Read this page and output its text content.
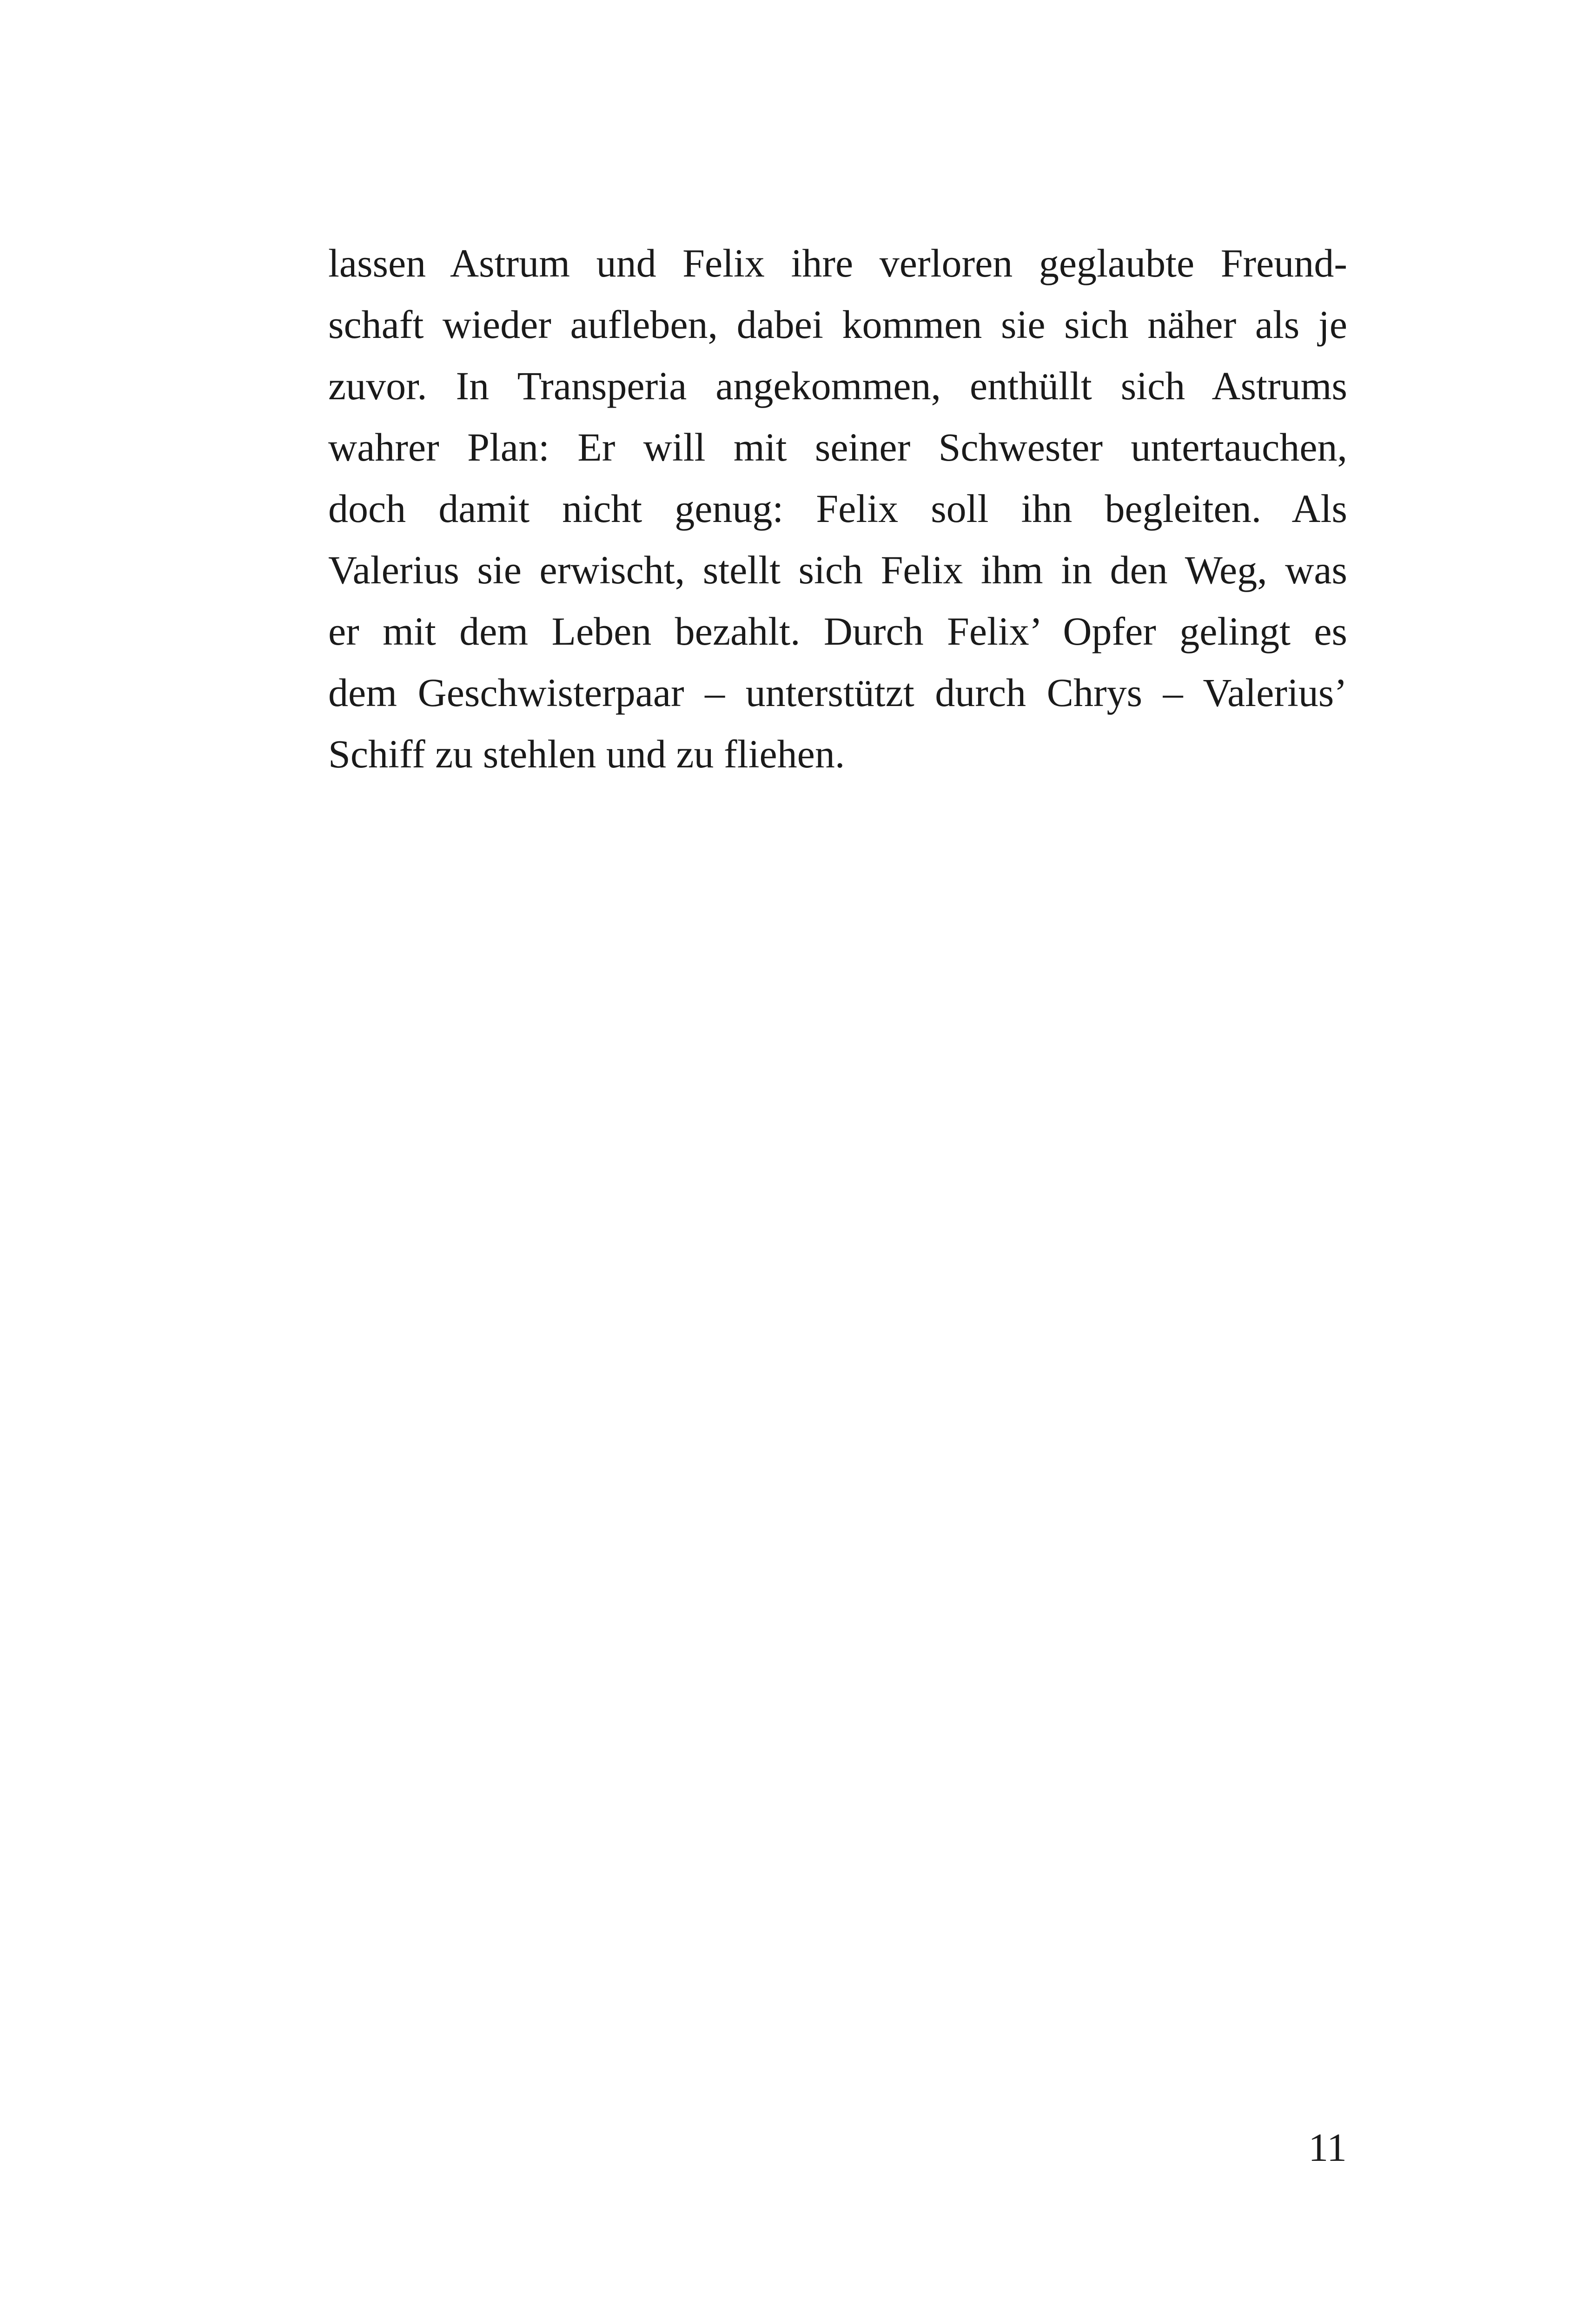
lassen Astrum und Felix ihre verloren geglaubte Freund-
schaft wieder aufleben, dabei kommen sie sich näher als je
zuvor. In Transperia angekommen, enthüllt sich Astrums
wahrer Plan: Er will mit seiner Schwester untertauchen,
doch damit nicht genug: Felix soll ihn begleiten. Als
Valerius sie erwischt, stellt sich Felix ihm in den Weg, was
er mit dem Leben bezahlt. Durch Felix’ Opfer gelingt es
dem Geschwisterpaar – unterstützt durch Chrys – Valerius’
Schiff zu stehlen und zu fliehen.
11
